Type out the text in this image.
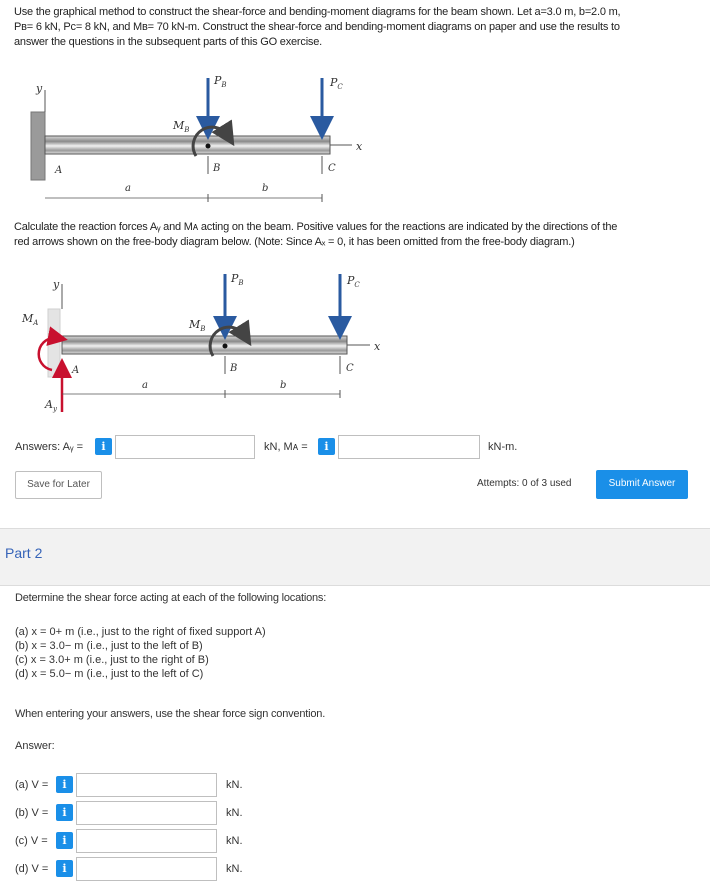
Use the graphical method to construct the shear-force and bending-moment diagrams for the beam shown. Let a=3.0 m, b=2.0 m,
Pʙ= 6 kN, Pᴄ= 8 kN, and Mʙ= 70 kN-m. Construct the shear-force and bending-moment diagrams on paper and use the results to
answer the questions in the subsequent parts of this GO exercise.
y
x
$P_B$	$P_C$
$M_B$
A	B	C
a	b
Calculate the reaction forces Aᵧ and Mᴀ acting on the beam. Positive values for the reactions are indicated by the directions of the
red arrows shown on the free-body diagram below. (Note: Since Aₓ = 0, it has been omitted from the free-body diagram.)
y
x
$M_A$
$A_y$
A
$P_B$	$P_C$
$M_B$
B	C
a	b
Answers: Aᵧ =	i	kN, Mᴀ =	i	kN-m.
Save for Later	Attempts: 0 of 3 used	Submit Answer
Part 2
Determine the shear force acting at each of the following locations:
(a) x = 0+ m (i.e., just to the right of fixed support A)
(b) x = 3.0− m (i.e., just to the left of B)
(c) x = 3.0+ m (i.e., just to the right of B)
(d) x = 5.0− m (i.e., just to the left of C)
When entering your answers, use the shear force sign convention.
Answer:
(a) V =	i	kN.
(b) V =	i	kN.
(c) V =	i	kN.
(d) V =	i	kN.
